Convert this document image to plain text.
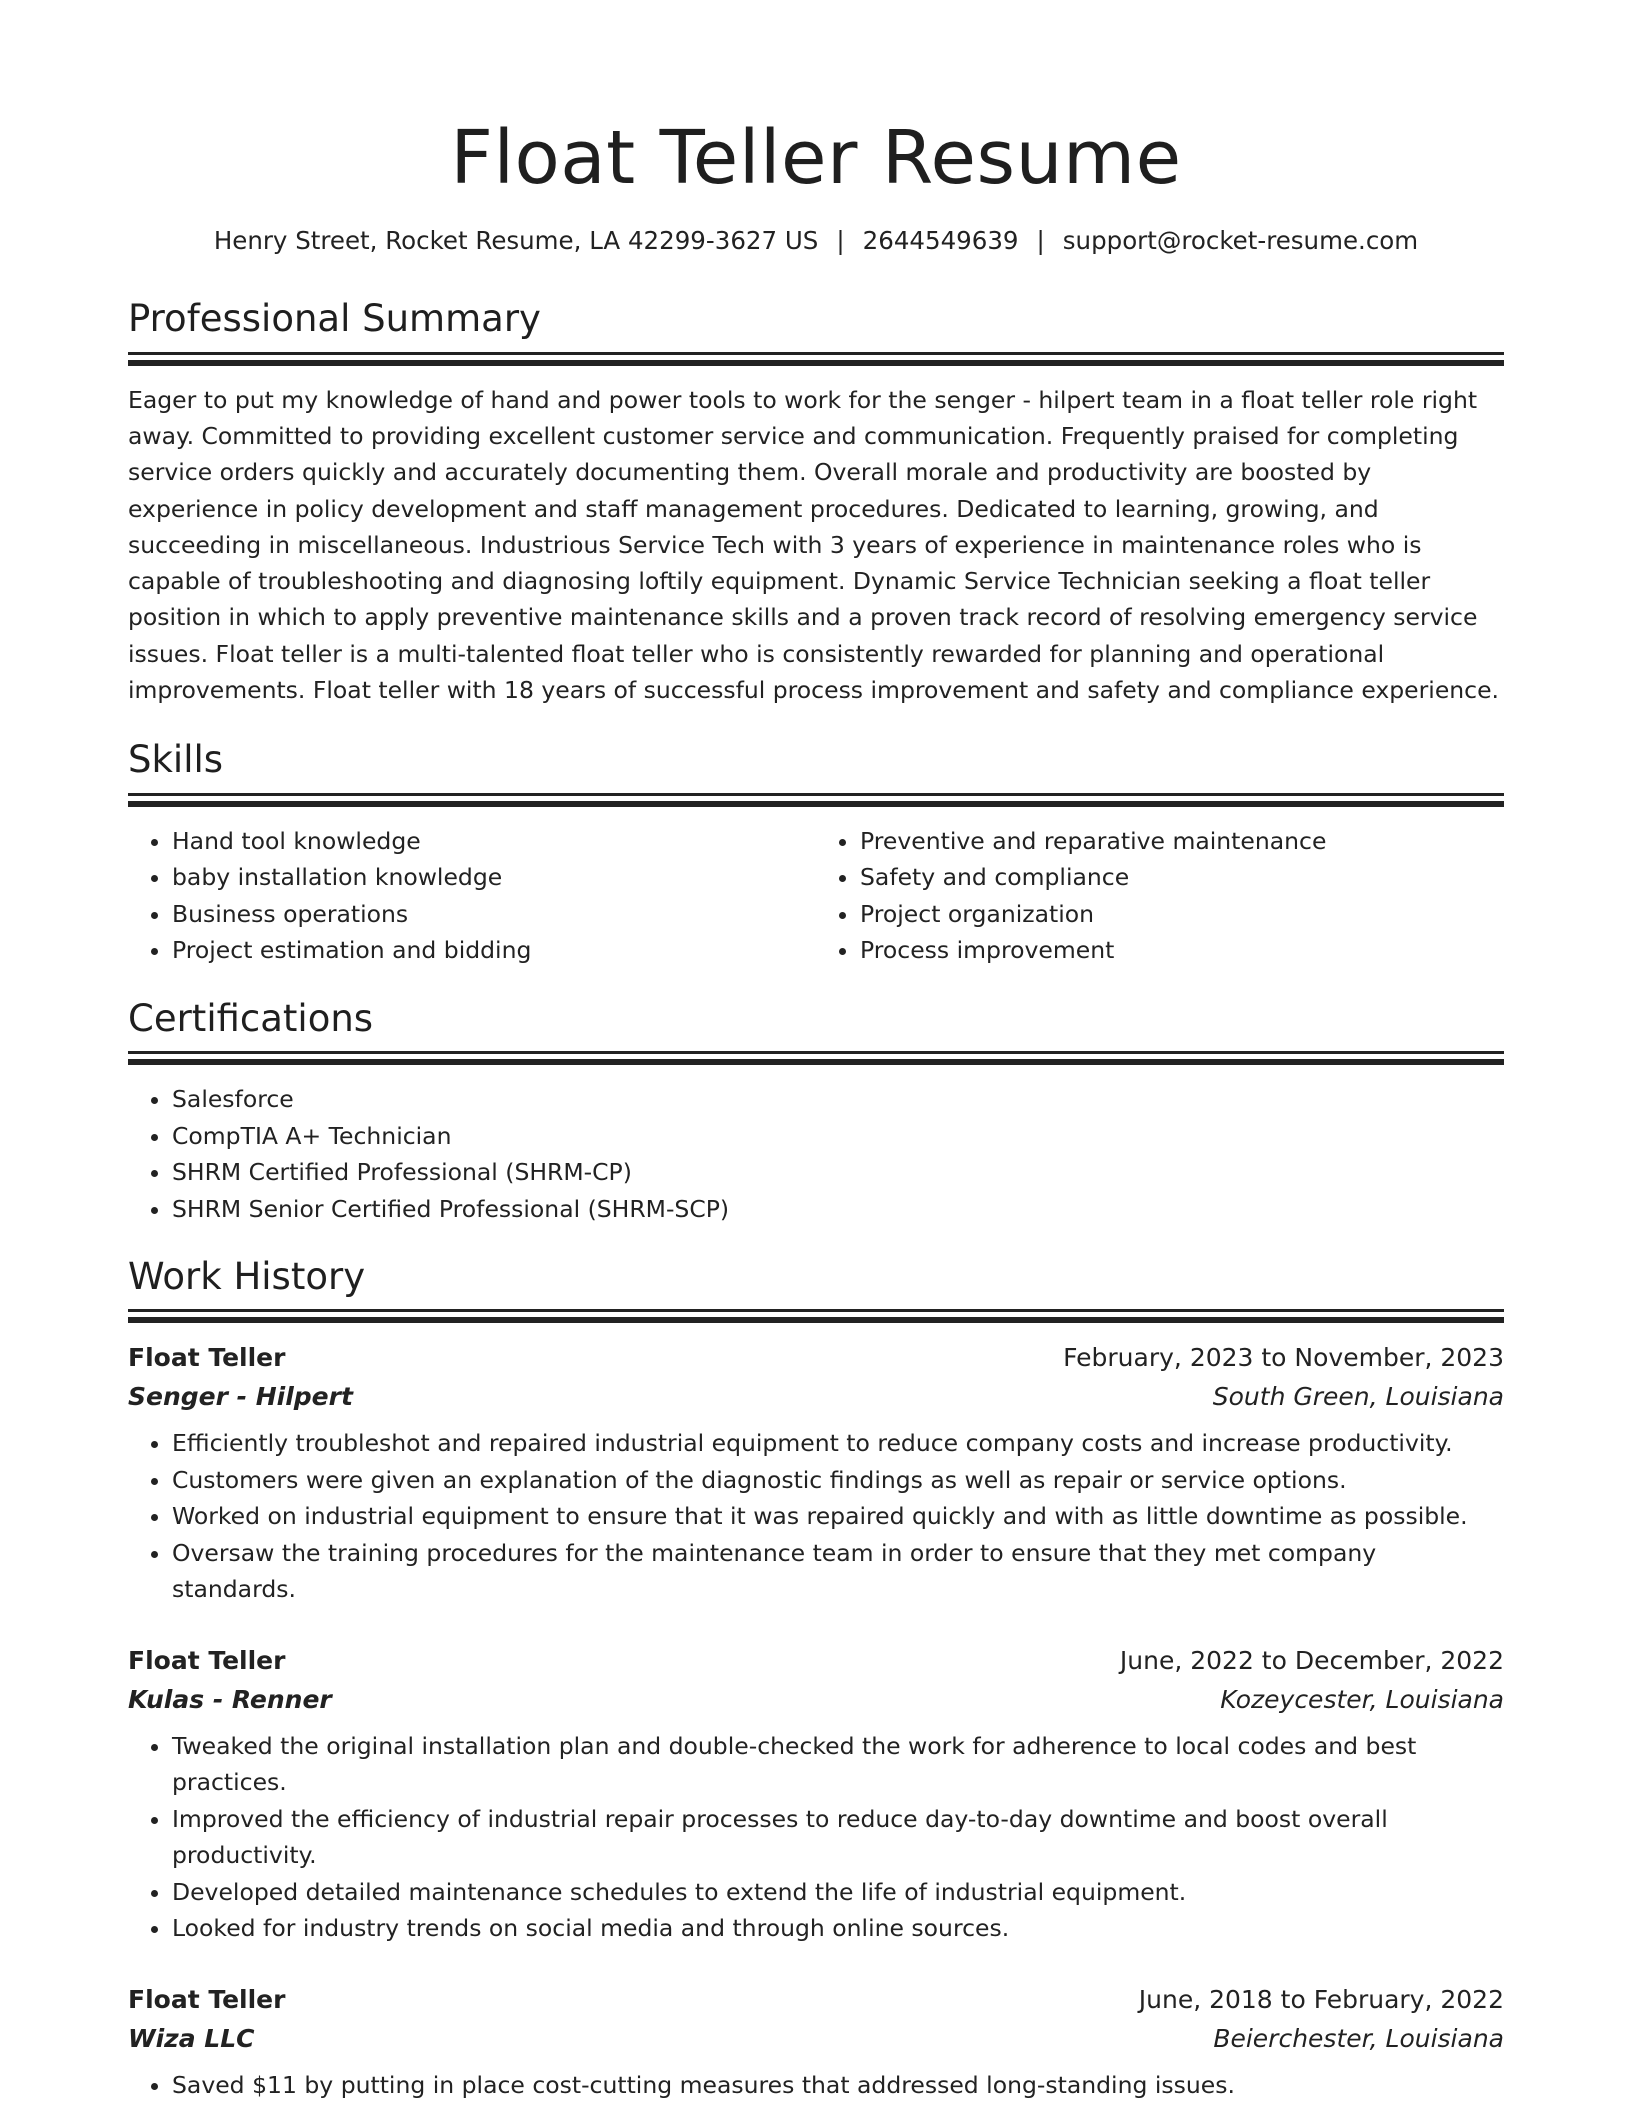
Float Teller Resume
Henry Street, Rocket Resume, LA 42299-3627 US | 2644549639 | support@rocket-resume.com
Professional Summary

Eager to put my knowledge of hand and power tools to work for the senger - hilpert team in a float teller role right away. Committed to providing excellent customer service and communication. Frequently praised for completing service orders quickly and accurately documenting them. Overall morale and productivity are boosted by experience in policy development and staff management procedures. Dedicated to learning, growing, and succeeding in miscellaneous. Industrious Service Tech with 3 years of experience in maintenance roles who is capable of troubleshooting and diagnosing loftily equipment. Dynamic Service Technician seeking a float teller position in which to apply preventive maintenance skills and a proven track record of resolving emergency service issues. Float teller is a multi-talented float teller who is consistently rewarded for planning and operational improvements. Float teller with 18 years of successful process improvement and safety and compliance experience.

Skills
• Hand tool knowledge
• baby installation knowledge
• Business operations
• Project estimation and bidding
• Preventive and reparative maintenance
• Safety and compliance
• Project organization
• Process improvement
Certifications
• Salesforce
• CompTIA A+ Technician
• SHRM Certified Professional (SHRM-CP)
• SHRM Senior Certified Professional (SHRM-SCP)
Work History
Float Teller	February, 2023 to November, 2023
Senger - Hilpert	South Green, Louisiana
• Efficiently troubleshot and repaired industrial equipment to reduce company costs and increase productivity.
• Customers were given an explanation of the diagnostic findings as well as repair or service options.
• Worked on industrial equipment to ensure that it was repaired quickly and with as little downtime as possible.
• Oversaw the training procedures for the maintenance team in order to ensure that they met company standards.
Float Teller	June, 2022 to December, 2022
Kulas - Renner	Kozeycester, Louisiana
• Tweaked the original installation plan and double-checked the work for adherence to local codes and best practices.
• Improved the efficiency of industrial repair processes to reduce day-to-day downtime and boost overall productivity.
• Developed detailed maintenance schedules to extend the life of industrial equipment.
• Looked for industry trends on social media and through online sources.
Float Teller	June, 2018 to February, 2022
Wiza LLC	Beierchester, Louisiana
• Saved $11 by putting in place cost-cutting measures that addressed long-standing issues.
